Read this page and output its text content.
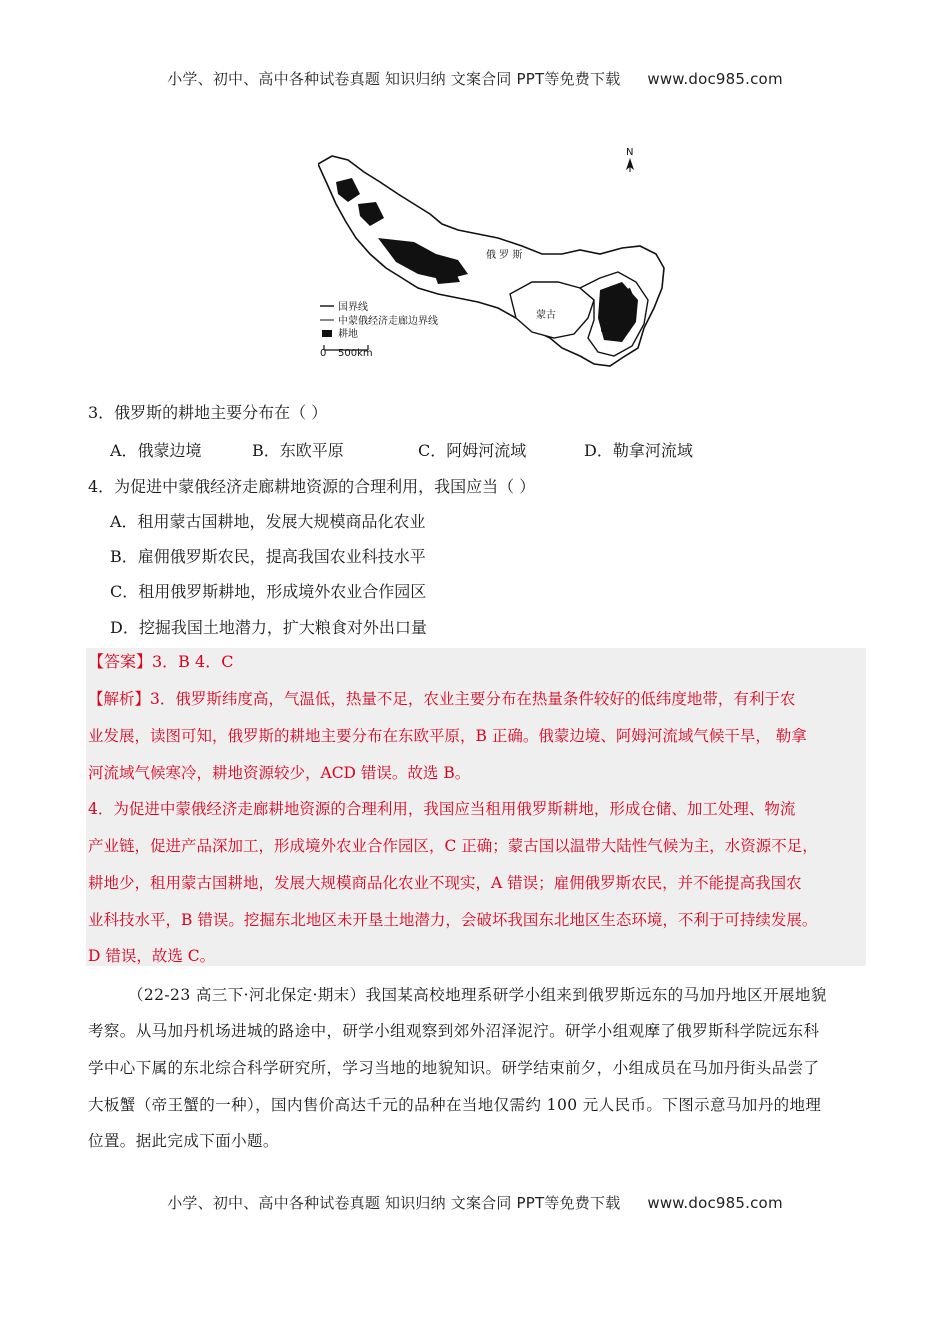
小学、初中、高中各种试卷真题 知识归纳 文案合同 PPT等免费下载 www.doc985.com
俄 罗 斯
蒙古
中国
N
国界线
中蒙俄经济走廊边界线
耕地
0 500km
3．俄罗斯的耕地主要分布在（ ）
A．俄蒙边境	B．东欧平原	C．阿姆河流域	D．勒拿河流域
4．为促进中蒙俄经济走廊耕地资源的合理利用，我国应当（ ）
A．租用蒙古国耕地，发展大规模商品化农业
B．雇佣俄罗斯农民，提高我国农业科技水平
C．租用俄罗斯耕地，形成境外农业合作园区
D．挖掘我国土地潜力，扩大粮食对外出口量
【答案】3．B 4．C
【解析】3．俄罗斯纬度高，气温低，热量不足，农业主要分布在热量条件较好的低纬度地带，有利于农
业发展，读图可知，俄罗斯的耕地主要分布在东欧平原，B 正确。俄蒙边境、阿姆河流域气候干旱， 勒拿
河流域气候寒冷，耕地资源较少，ACD 错误。故选 B。
4．为促进中蒙俄经济走廊耕地资源的合理利用，我国应当租用俄罗斯耕地，形成仓储、加工处理、物流
产业链，促进产品深加工，形成境外农业合作园区，C 正确；蒙古国以温带大陆性气候为主，水资源不足，
耕地少，租用蒙古国耕地，发展大规模商品化农业不现实，A 错误；雇佣俄罗斯农民，并不能提高我国农
业科技水平，B 错误。挖掘东北地区未开垦土地潜力，会破坏我国东北地区生态环境，不利于可持续发展。
D 错误，故选 C。
（22-23 高三下·河北保定·期末）我国某高校地理系研学小组来到俄罗斯远东的马加丹地区开展地貌
考察。从马加丹机场进城的路途中，研学小组观察到郊外沼泽泥泞。研学小组观摩了俄罗斯科学院远东科
学中心下属的东北综合科学研究所，学习当地的地貌知识。研学结束前夕，小组成员在马加丹街头品尝了
大板蟹（帝王蟹的一种），国内售价高达千元的品种在当地仅需约 100 元人民币。下图示意马加丹的地理
位置。据此完成下面小题。
小学、初中、高中各种试卷真题 知识归纳 文案合同 PPT等免费下载 www.doc985.com
